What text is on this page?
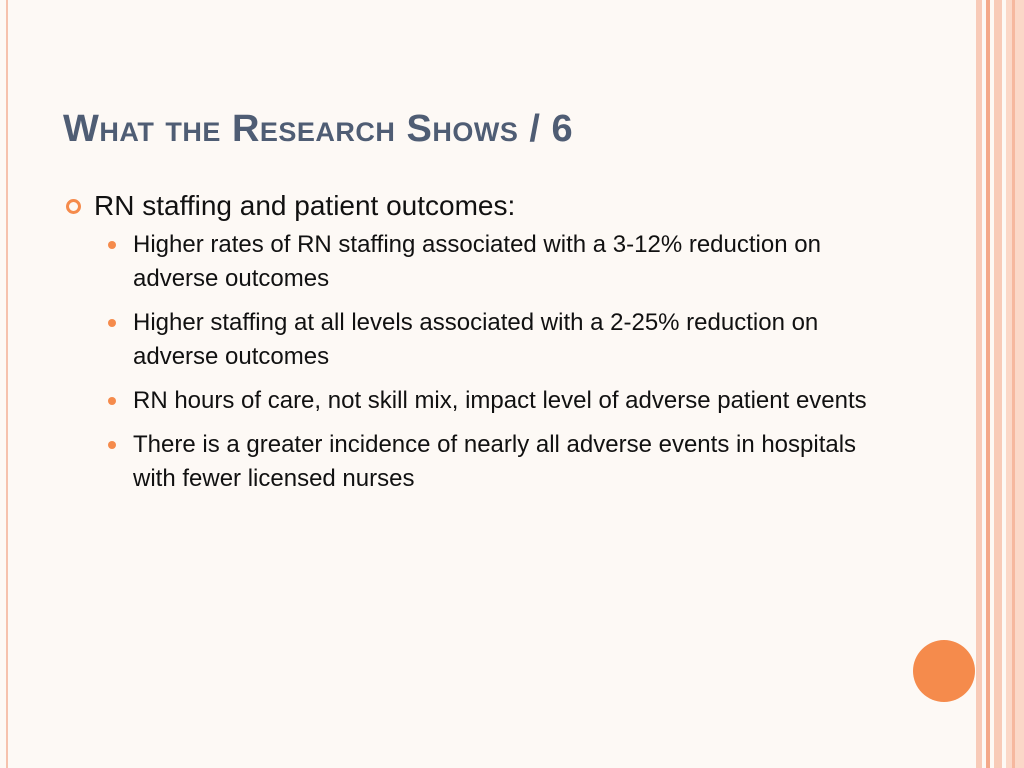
What the Research Shows / 6
RN staffing and patient outcomes:
Higher rates of RN staffing associated with a 3-12% reduction on adverse outcomes
Higher staffing at all levels associated with a 2-25% reduction on adverse outcomes
RN hours of care, not skill mix, impact level of adverse patient events
There is a greater incidence of nearly all adverse events in hospitals with fewer licensed nurses
